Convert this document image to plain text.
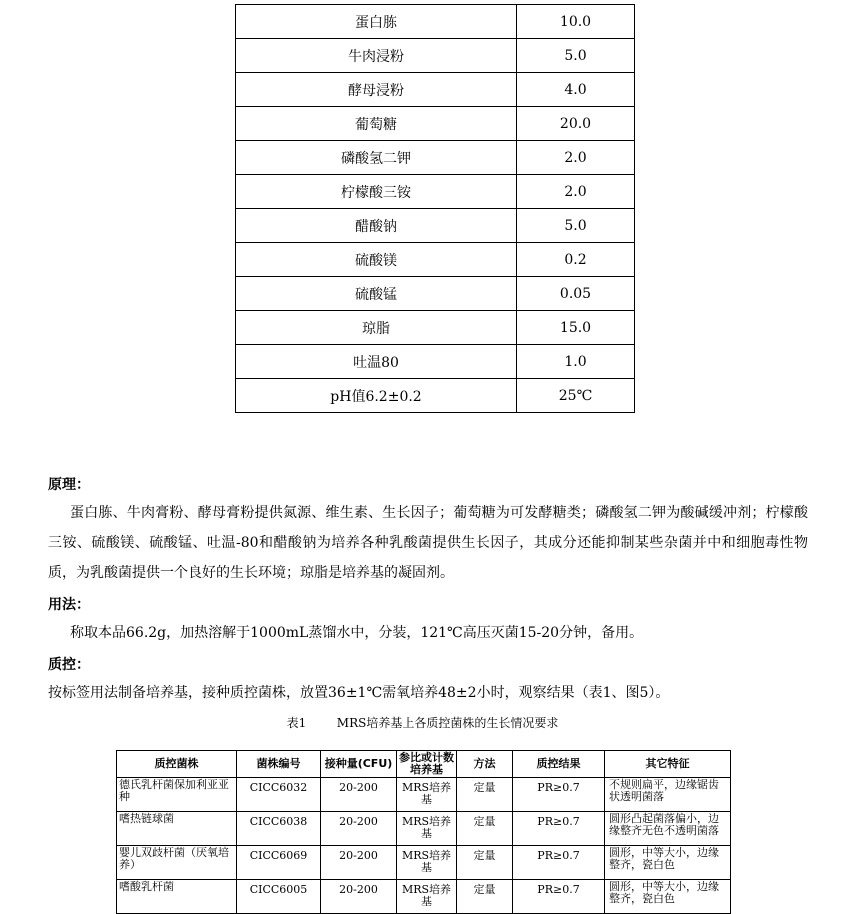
蛋白胨	10.0
牛肉浸粉	5.0
酵母浸粉	4.0
葡萄糖	20.0
磷酸氢二钾	2.0
柠檬酸三铵	2.0
醋酸钠	5.0
硫酸镁	0.2
硫酸锰	0.05
琼脂	15.0
吐温80	1.0
pH值6.2±0.2	25℃
原理：
蛋白胨、牛肉膏粉、酵母膏粉提供氮源、维生素、生长因子；葡萄糖为可发酵糖类；磷酸氢二钾为酸碱缓冲剂；柠檬酸三铵、硫酸镁、硫酸锰、吐温-80和醋酸钠为培养各种乳酸菌提供生长因子，其成分还能抑制某些杂菌并中和细胞毒性物质，为乳酸菌提供一个良好的生长环境；琼脂是培养基的凝固剂。
用法：
称取本品66.2g，加热溶解于1000mL蒸馏水中，分装，121℃高压灭菌15-20分钟，备用。
质控：
按标签用法制备培养基，接种质控菌株，放置36±1℃需氧培养48±2小时，观察结果（表1、图5）。
表1	MRS培养基上各质控菌株的生长情况要求
质控菌株	菌株编号	接种量(CFU)	参比或计数培养基	方法	质控结果	其它特征
德氏乳杆菌保加利亚亚种	CICC6032	20-200	MRS培养基	定量	PR≥0.7	不规则扁平，边缘锯齿状透明菌落
嗜热链球菌	CICC6038	20-200	MRS培养基	定量	PR≥0.7	圆形凸起菌落偏小，边缘整齐无色不透明菌落
婴儿双歧杆菌（厌氧培养）	CICC6069	20-200	MRS培养基	定量	PR≥0.7	圆形，中等大小，边缘整齐，瓷白色
嗜酸乳杆菌	CICC6005	20-200	MRS培养基	定量	PR≥0.7	圆形，中等大小，边缘整齐，瓷白色
